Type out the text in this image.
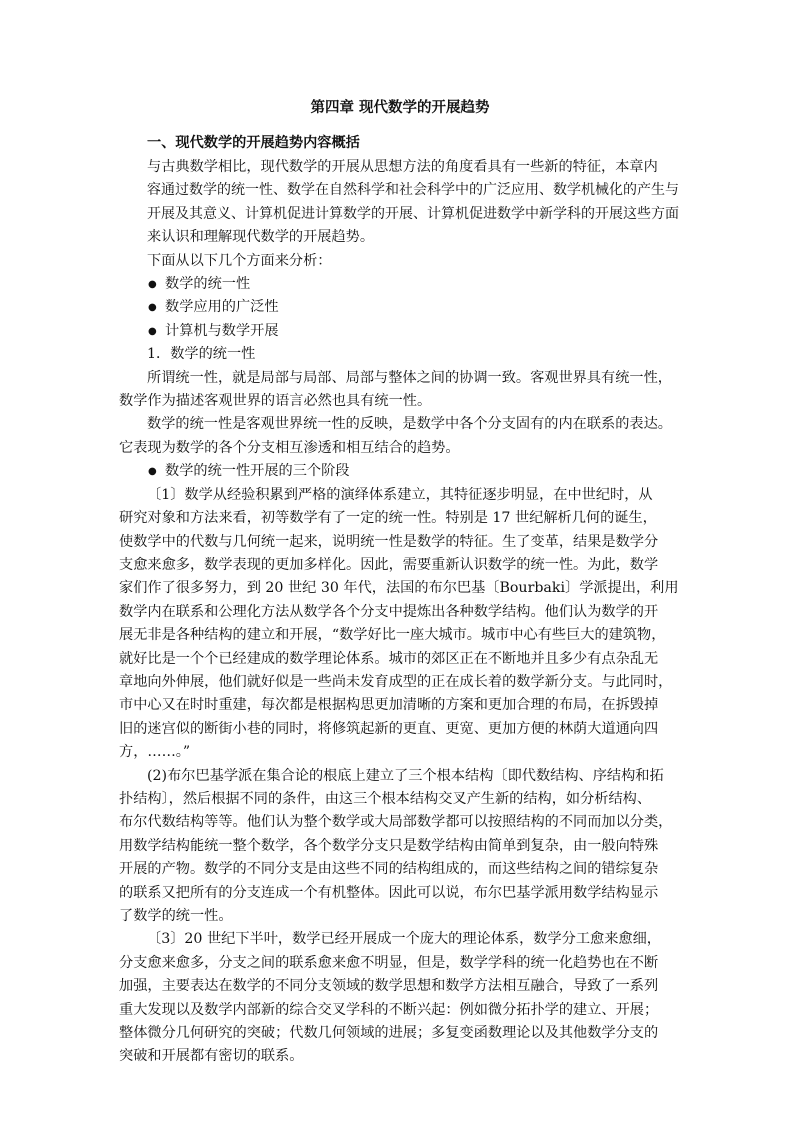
第四章 现代数学的开展趋势
一、现代数学的开展趋势内容概括

与古典数学相比，现代数学的开展从思想方法的角度看具有一些新的特征，本章内
容通过数学的统一性、数学在自然科学和社会科学中的广泛应用、数学机械化的产生与
开展及其意义、计算机促进计算数学的开展、计算机促进数学中新学科的开展这些方面
来认识和理解现代数学的开展趋势。

下面从以下几个方面来分析：

● 数学的统一性
● 数学应用的广泛性
● 计算机与数学开展

1．数学的统一性

所谓统一性，就是局部与局部、局部与整体之间的协调一致。客观世界具有统一性，
数学作为描述客观世界的语言必然也具有统一性。

数学的统一性是客观世界统一性的反映，是数学中各个分支固有的内在联系的表达。
它表现为数学的各个分支相互渗透和相互结合的趋势。

● 数学的统一性开展的三个阶段

〔1〕数学从经验积累到严格的演绎体系建立，其特征逐步明显，在中世纪时，从
研究对象和方法来看，初等数学有了一定的统一性。特别是 17 世纪解析几何的诞生，
使数学中的代数与几何统一起来，说明统一性是数学的特征。生了变革，结果是数学分
支愈来愈多，数学表现的更加多样化。因此，需要重新认识数学的统一性。为此，数学
家们作了很多努力，到 20 世纪 30 年代，法国的布尔巴基〔Bourbaki〕学派提出，利用
数学内在联系和公理化方法从数学各个分支中提炼出各种数学结构。他们认为数学的开
展无非是各种结构的建立和开展，“数学好比一座大城市。城市中心有些巨大的建筑物，
就好比是一个个已经建成的数学理论体系。城市的郊区正在不断地并且多少有点杂乱无
章地向外伸展，他们就好似是一些尚未发育成型的正在成长着的数学新分支。与此同时，
市中心又在时时重建，每次都是根据构思更加清晰的方案和更加合理的布局，在拆毁掉
旧的迷宫似的断街小巷的同时，将修筑起新的更直、更宽、更加方便的林荫大道通向四
方，……。”

(2)布尔巴基学派在集合论的根底上建立了三个根本结构〔即代数结构、序结构和拓
扑结构〕，然后根据不同的条件，由这三个根本结构交叉产生新的结构，如分析结构、
布尔代数结构等等。他们认为整个数学或大局部数学都可以按照结构的不同而加以分类，
用数学结构能统一整个数学，各个数学分支只是数学结构由简单到复杂，由一般向特殊
开展的产物。数学的不同分支是由这些不同的结构组成的，而这些结构之间的错综复杂
的联系又把所有的分支连成一个有机整体。因此可以说，布尔巴基学派用数学结构显示
了数学的统一性。

〔3〕20 世纪下半叶，数学已经开展成一个庞大的理论体系，数学分工愈来愈细，
分支愈来愈多，分支之间的联系愈来愈不明显，但是，数学学科的统一化趋势也在不断
加强，主要表达在数学的不同分支领域的数学思想和数学方法相互融合，导致了一系列
重大发现以及数学内部新的综合交叉学科的不断兴起：例如微分拓扑学的建立、开展；
整体微分几何研究的突破；代数几何领域的进展；多复变函数理论以及其他数学分支的
突破和开展都有密切的联系。
